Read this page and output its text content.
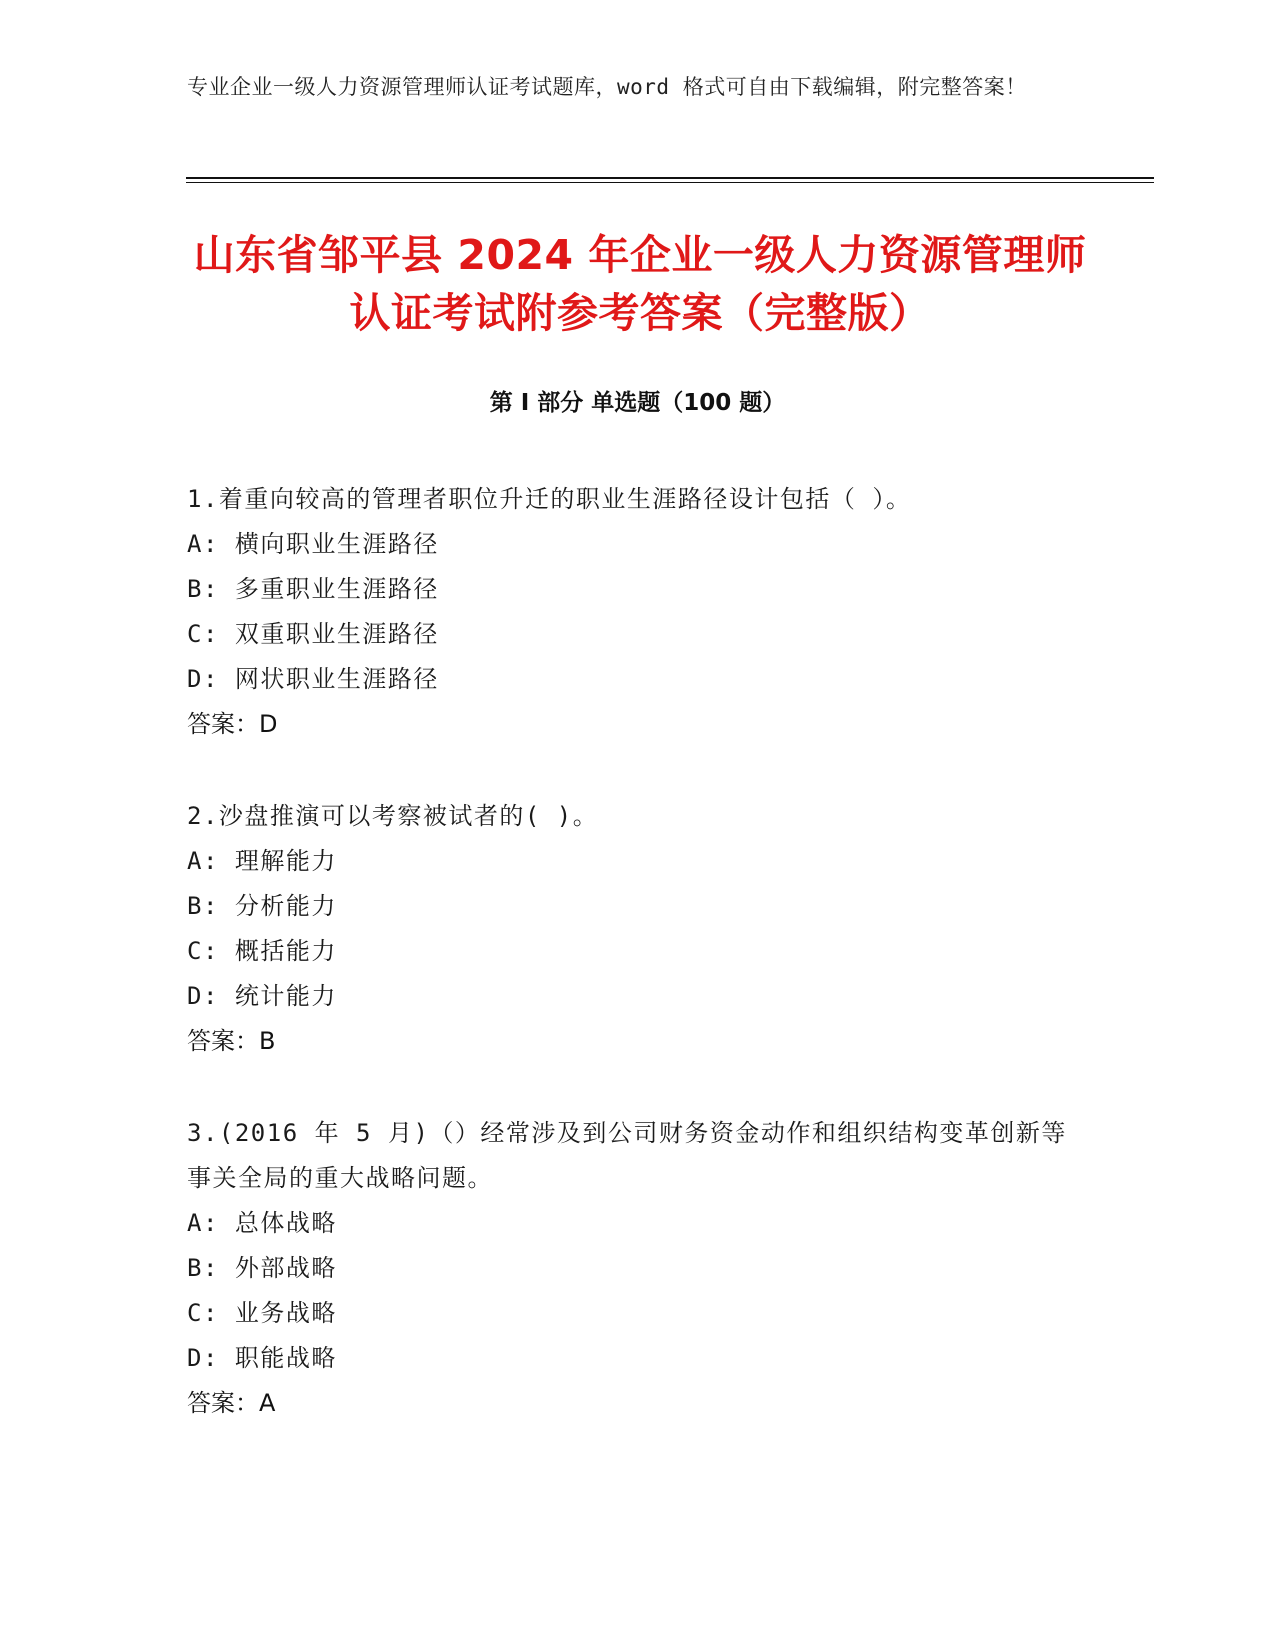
专业企业一级人力资源管理师认证考试题库，word 格式可自由下载编辑，附完整答案！
山东省邹平县 2024 年企业一级人力资源管理师认证考试附参考答案（完整版）
第 I 部分 单选题（100 题）
1.着重向较高的管理者职位升迁的职业生涯路径设计包括（ ）。
A: 横向职业生涯路径
B: 多重职业生涯路径
C: 双重职业生涯路径
D: 网状职业生涯路径
答案：D
2.沙盘推演可以考察被试者的( )。
A: 理解能力
B: 分析能力
C: 概括能力
D: 统计能力
答案：B
3.(2016 年 5 月)（）经常涉及到公司财务资金动作和组织结构变革创新等事关全局的重大战略问题。
A: 总体战略
B: 外部战略
C: 业务战略
D: 职能战略
答案：A
